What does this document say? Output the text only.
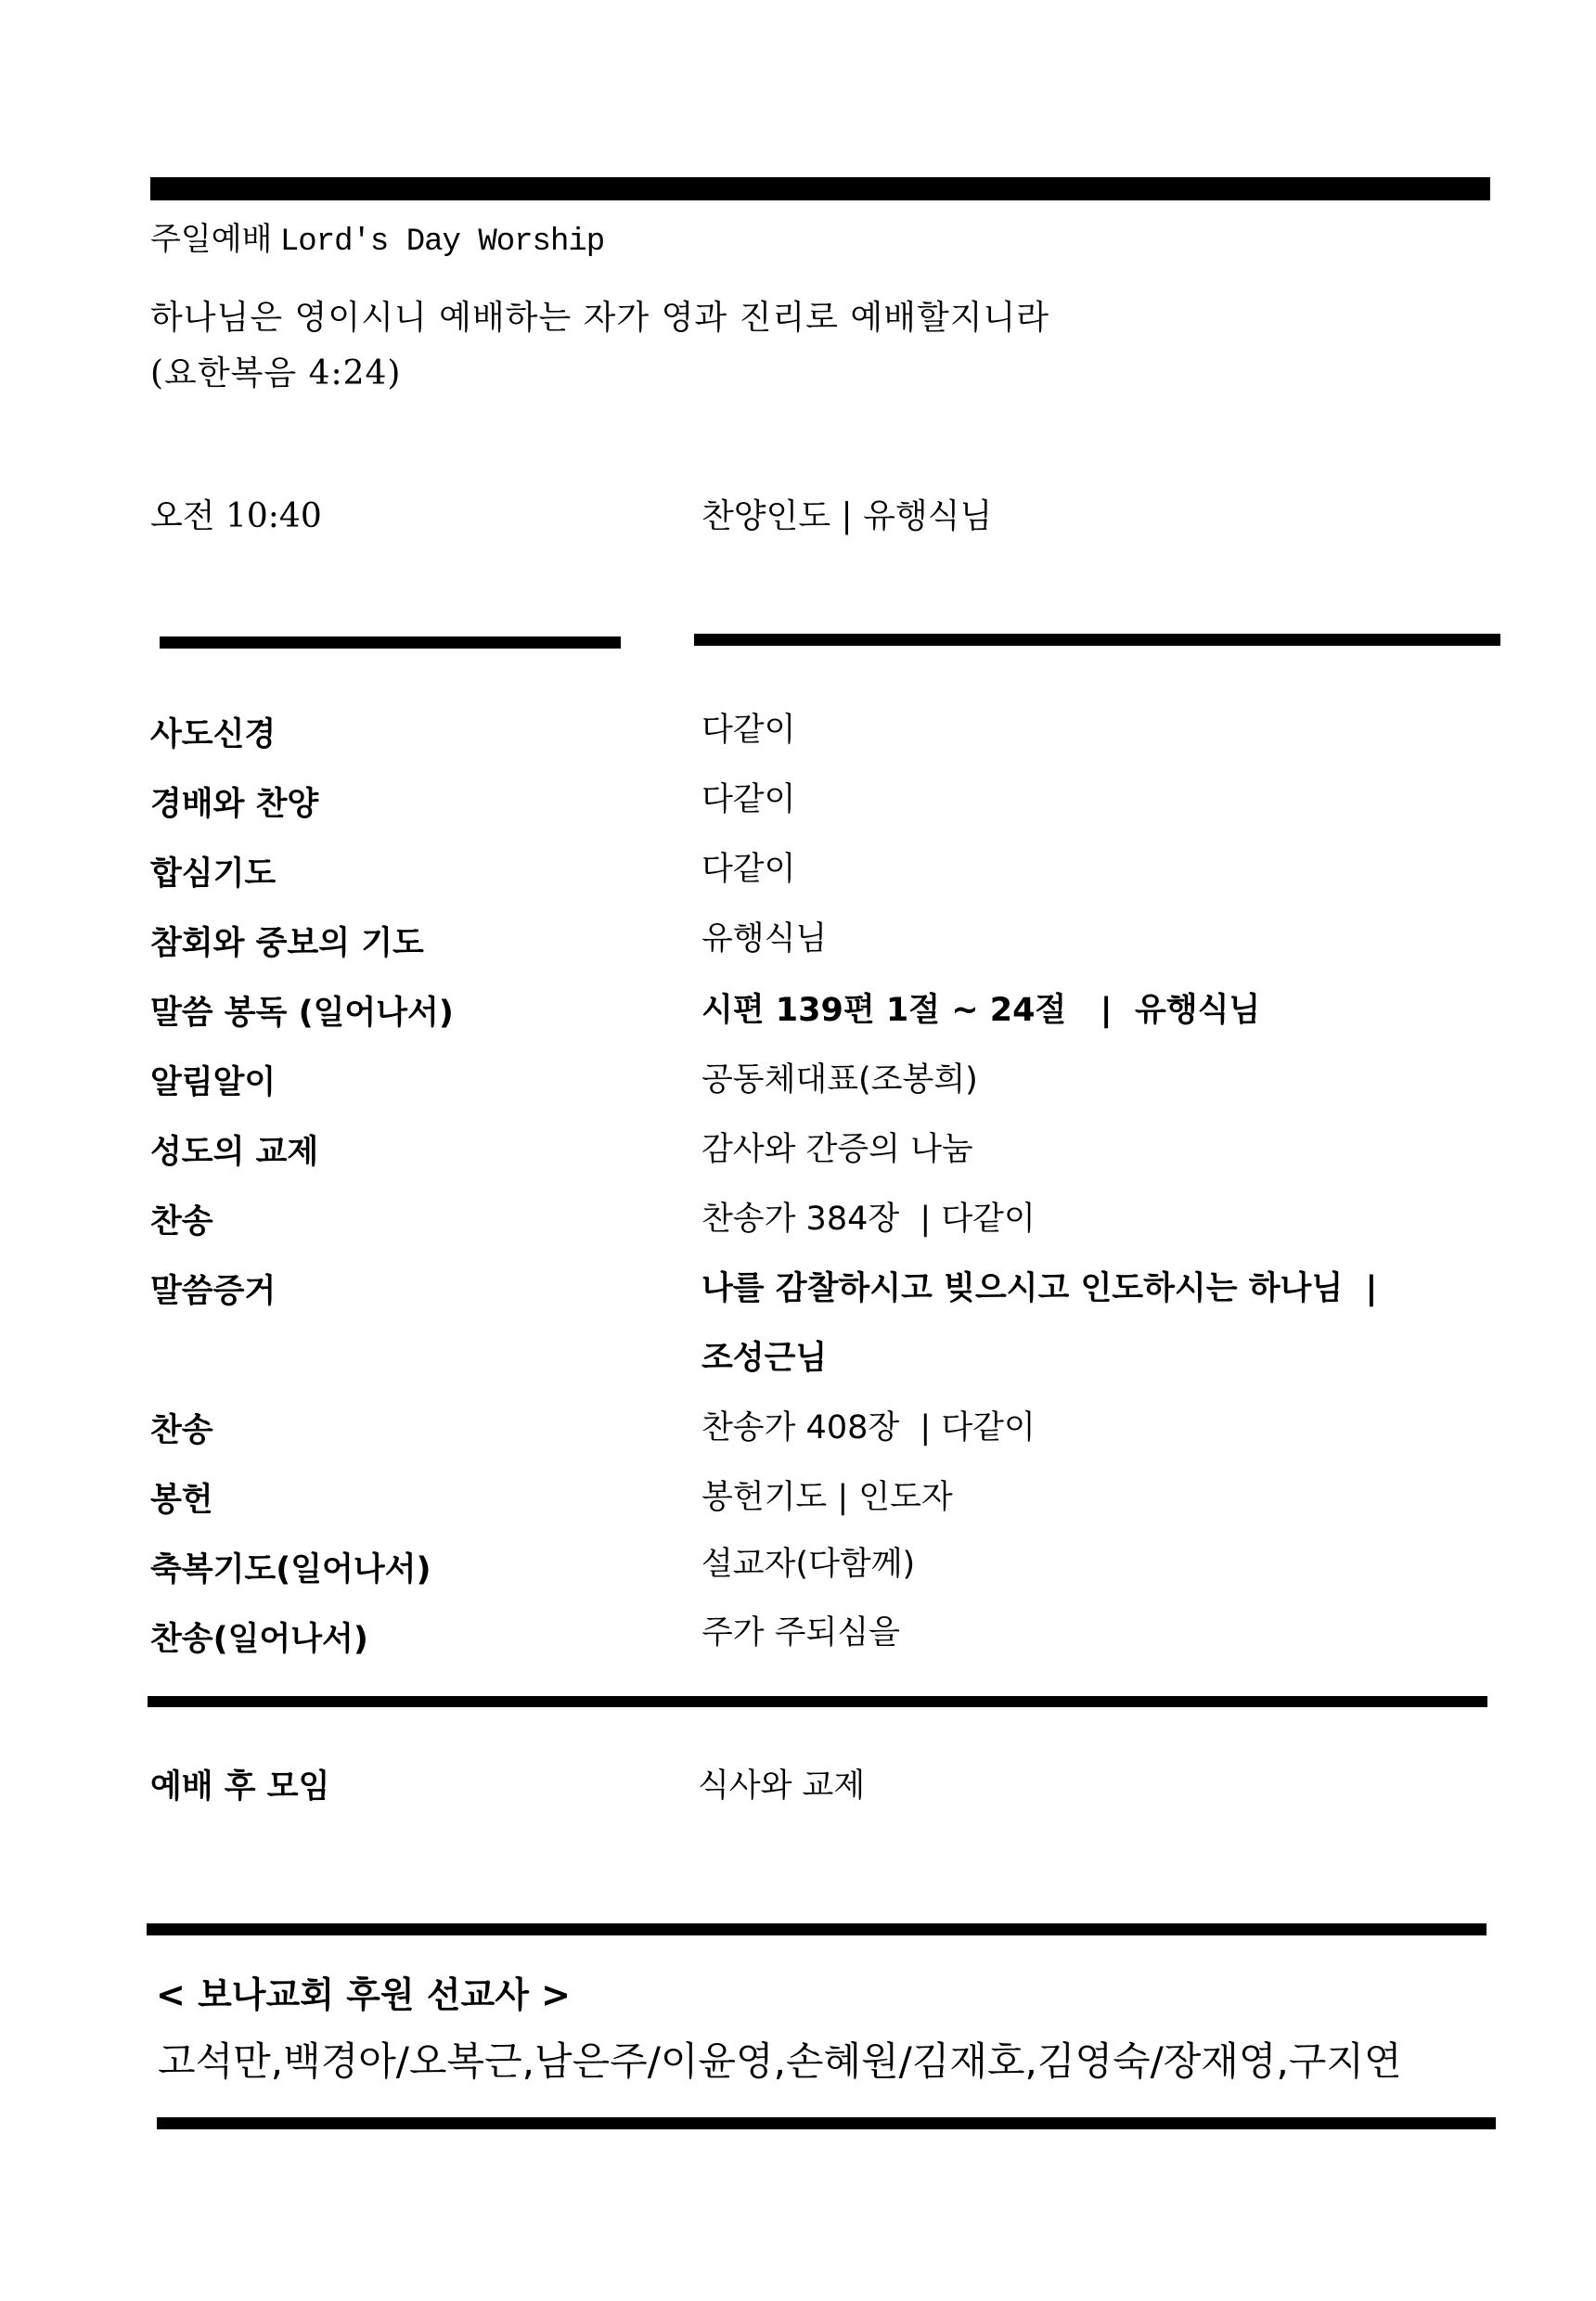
주일예배 Lord's Day Worship
하나님은 영이시니 예배하는 자가 영과 진리로 예배할지니라
(요한복음 4:24)
오전 10:40	찬양인도 | 유행식님
사도신경	다같이
경배와 찬양	다같이
합심기도	다같이
참회와 중보의 기도	유행식님
말씀 봉독 (일어나서)	시편 139편 1절 ~ 24절   |  유행식님
알림알이	공동체대표(조봉희)
성도의 교제	감사와 간증의 나눔
찬송	찬송가 384장  | 다같이
말씀증거	나를 감찰하시고 빚으시고 인도하시는 하나님  |
조성근님
찬송	찬송가 408장  | 다같이
봉헌	봉헌기도 | 인도자
축복기도(일어나서)	설교자(다함께)
찬송(일어나서)	주가 주되심을
예배 후 모임	식사와 교제
< 보나교회 후원 선교사 >
고석만,백경아/오복근,남은주/이윤영,손혜원/김재호,김영숙/장재영,구지연
